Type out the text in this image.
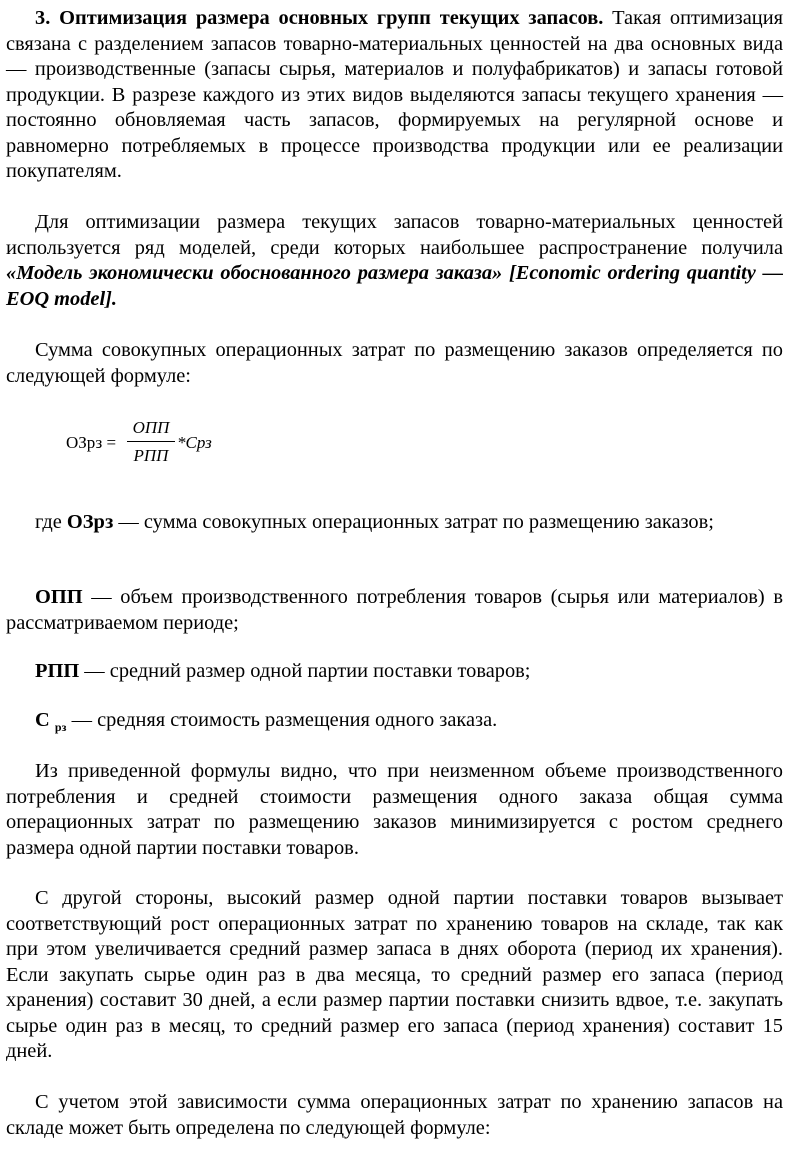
3. Оптимизация размера основных групп текущих запасов. Такая оптимизация связана с разделением запасов товарно-материальных ценностей на два основных вида — производственные (запасы сырья, материалов и полуфабрикатов) и запасы готовой продукции. В разрезе каждого из этих видов выделяются запасы текущего хранения — постоянно обновляемая часть запасов, формируемых на регулярной основе и равномерно потребляемых в процессе производства продукции или ее реализации покупателям.

Для оптимизации размера текущих запасов товарно-материальных ценностей используется ряд моделей, среди которых наибольшее распространение получила «Модель экономически обоснованного размера заказа» [Economic ordering quantity — EOQ model].

Сумма совокупных операционных затрат по размещению заказов определяется по следующей формуле:

ОЗрз =
ОПП
РПП
*Срз

где ОЗрз — сумма совокупных операционных затрат по размещению заказов;

ОПП — объем производственного потребления товаров (сырья или материалов) в рассматриваемом периоде;

РПП — средний размер одной партии поставки товаров;

С $_{рз}$ — средняя стоимость размещения одного заказа.

Из приведенной формулы видно, что при неизменном объеме производственного потребления и средней стоимости размещения одного заказа общая сумма операционных затрат по размещению заказов минимизируется с ростом среднего размера одной партии поставки товаров.

С другой стороны, высокий размер одной партии поставки товаров вызывает соответствующий рост операционных затрат по хранению товаров на складе, так как при этом увеличивается средний размер запаса в днях оборота (период их хранения). Если закупать сырье один раз в два месяца, то средний размер его запаса (период хранения) составит 30 дней, а если размер партии поставки снизить вдвое, т.е. закупать сырье один раз в месяц, то средний размер его запаса (период хранения) составит 15 дней.

С учетом этой зависимости сумма операционных затрат по хранению запасов на складе может быть определена по следующей формуле:
